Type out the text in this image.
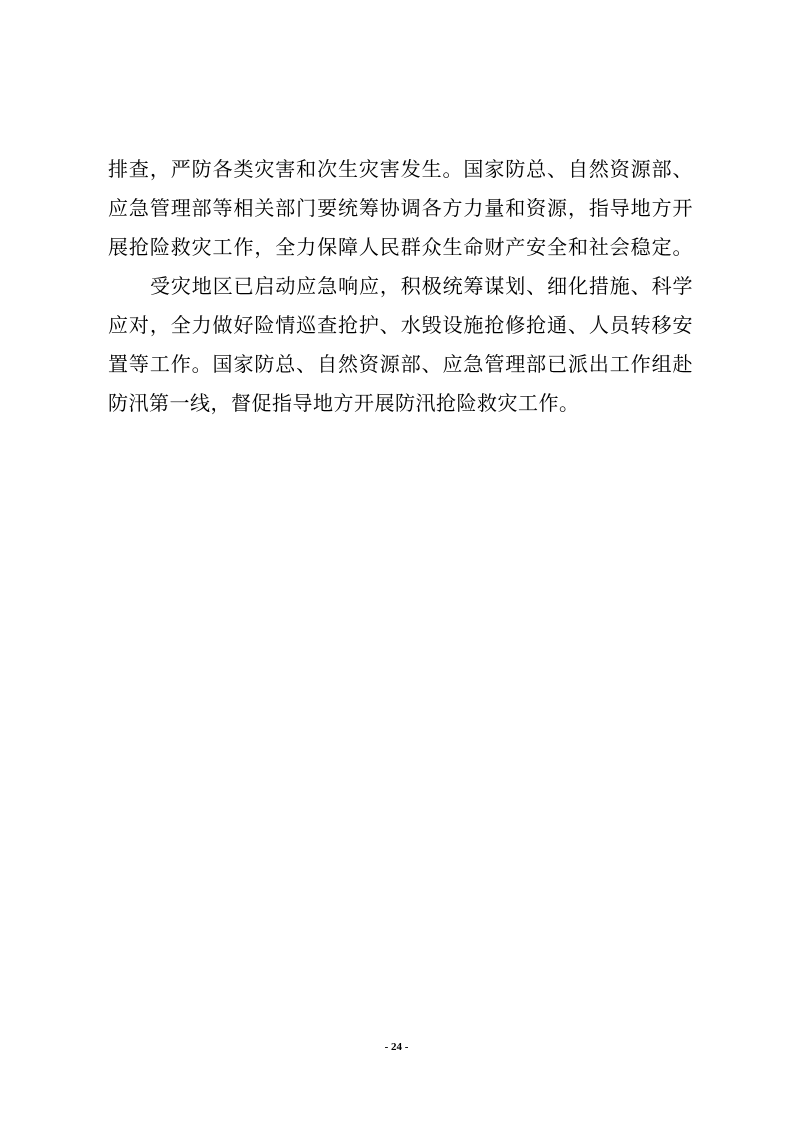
排查，严防各类灾害和次生灾害发生。国家防总、自然资源部、
应急管理部等相关部门要统筹协调各方力量和资源，指导地方开
展抢险救灾工作，全力保障人民群众生命财产安全和社会稳定。
受灾地区已启动应急响应，积极统筹谋划、细化措施、科学
应对，全力做好险情巡查抢护、水毁设施抢修抢通、人员转移安
置等工作。国家防总、自然资源部、应急管理部已派出工作组赴
防汛第一线，督促指导地方开展防汛抢险救灾工作。
- 24 -
